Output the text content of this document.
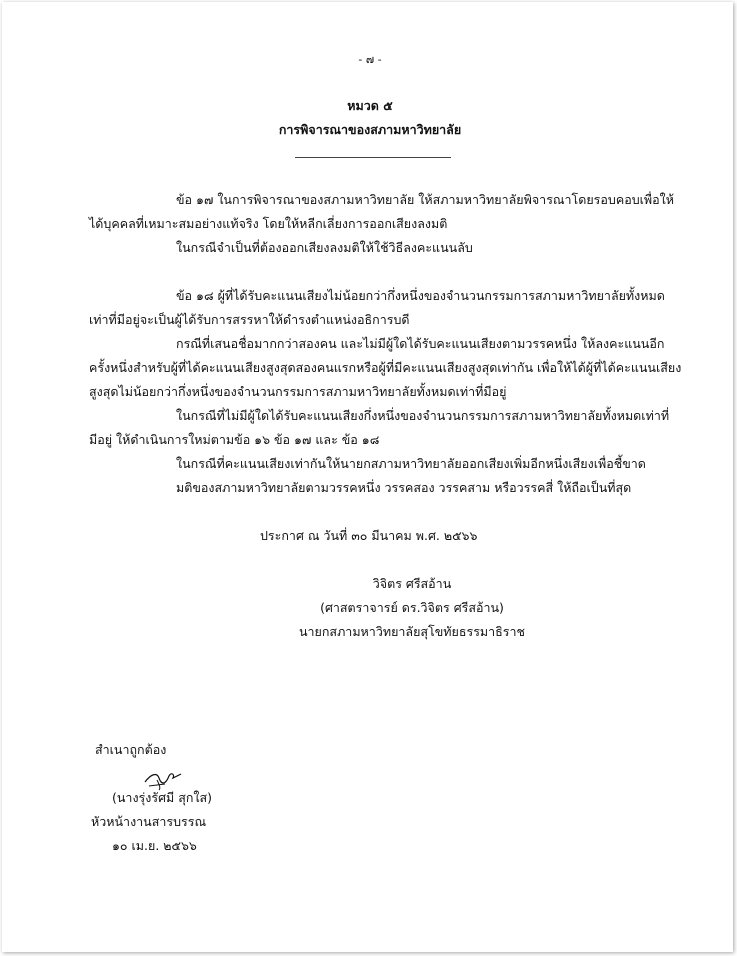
- ๗ -
หมวด ๕
การพิจารณาของสภามหาวิทยาลัย
ข้อ ๑๗ ในการพิจารณาของสภามหาวิทยาลัย ให้สภามหาวิทยาลัยพิจารณาโดยรอบคอบเพื่อให้
ได้บุคคลที่เหมาะสมอย่างแท้จริง โดยให้หลีกเลี่ยงการออกเสียงลงมติ
ในกรณีจำเป็นที่ต้องออกเสียงลงมติให้ใช้วิธีลงคะแนนลับ
ข้อ ๑๘ ผู้ที่ได้รับคะแนนเสียงไม่น้อยกว่ากึ่งหนึ่งของจำนวนกรรมการสภามหาวิทยาลัยทั้งหมด
เท่าที่มีอยู่จะเป็นผู้ได้รับการสรรหาให้ดำรงตำแหน่งอธิการบดี
กรณีที่เสนอชื่อมากกว่าสองคน และไม่มีผู้ใดได้รับคะแนนเสียงตามวรรคหนึ่ง ให้ลงคะแนนอีก
ครั้งหนึ่งสำหรับผู้ที่ได้คะแนนเสียงสูงสุดสองคนแรกหรือผู้ที่มีคะแนนเสียงสูงสุดเท่ากัน เพื่อให้ได้ผู้ที่ได้คะแนนเสียง
สูงสุดไม่น้อยกว่ากึ่งหนึ่งของจำนวนกรรมการสภามหาวิทยาลัยทั้งหมดเท่าที่มีอยู่
ในกรณีที่ไม่มีผู้ใดได้รับคะแนนเสียงกึ่งหนึ่งของจำนวนกรรมการสภามหาวิทยาลัยทั้งหมดเท่าที่
มีอยู่ ให้ดำเนินการใหม่ตามข้อ ๑๖ ข้อ ๑๗ และ ข้อ ๑๘
ในกรณีที่คะแนนเสียงเท่ากันให้นายกสภามหาวิทยาลัยออกเสียงเพิ่มอีกหนึ่งเสียงเพื่อชี้ขาด
มติของสภามหาวิทยาลัยตามวรรคหนึ่ง วรรคสอง วรรคสาม หรือวรรคสี่ ให้ถือเป็นที่สุด
ประกาศ ณ วันที่ ๓๐ มีนาคม พ.ศ. ๒๕๖๖
วิจิตร ศรีสอ้าน
(ศาสตราจารย์ ดร.วิจิตร ศรีสอ้าน)
นายกสภามหาวิทยาลัยสุโขทัยธรรมาธิราช
สำเนาถูกต้อง
(นางรุ่งรัศมี สุกใส)
หัวหน้างานสารบรรณ
๑๐ เม.ย. ๒๕๖๖
